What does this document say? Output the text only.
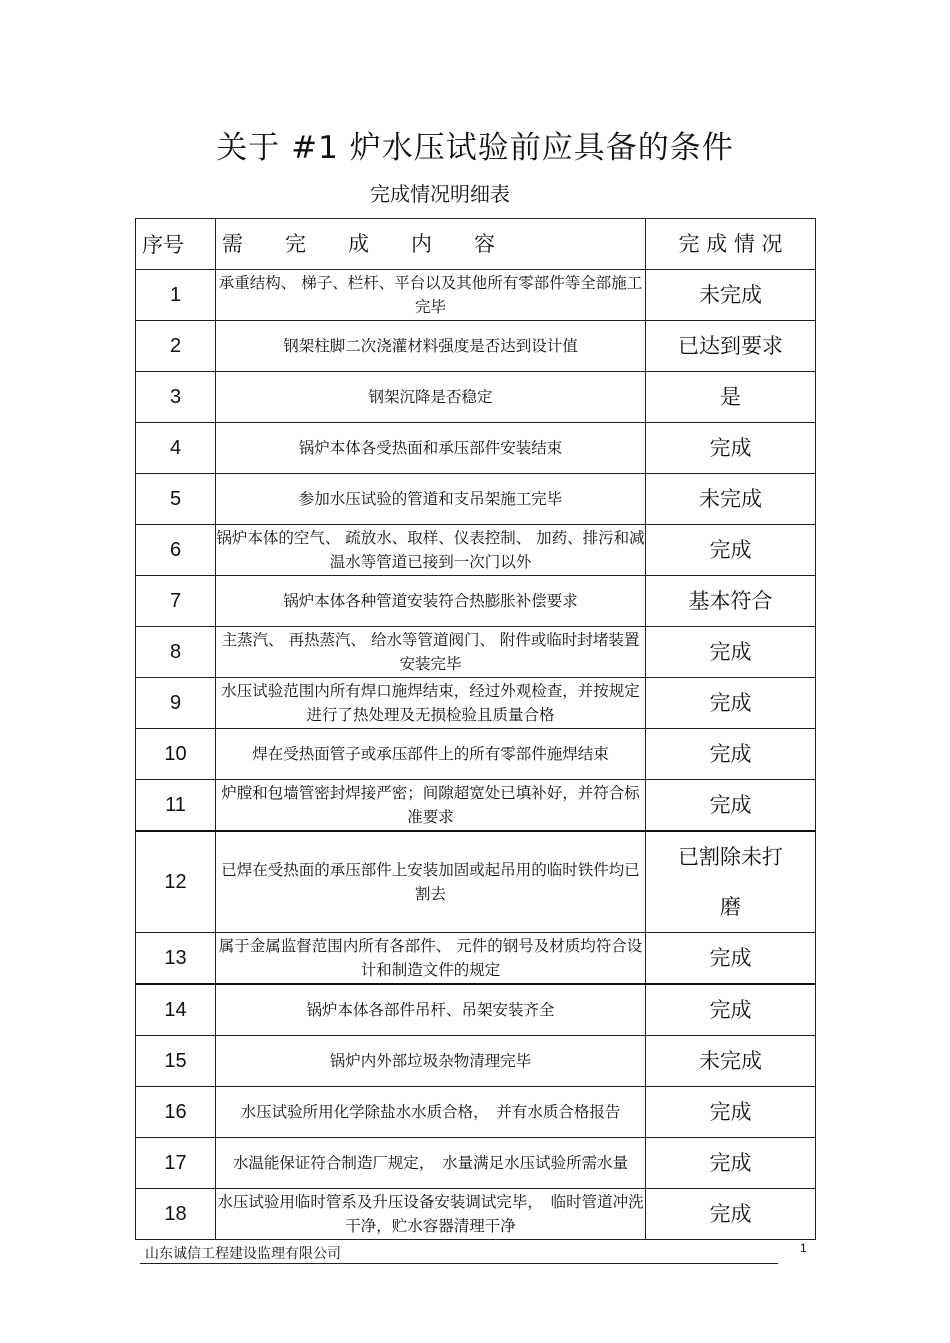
关于 #1 炉水压试验前应具备的条件
完成情况明细表
序号	需　　完　　成　　内　　容	完 成 情 况
1	承重结构、 梯子、栏杆、平台以及其他所有零部件等全部施工完毕	未完成
2	钢架柱脚二次浇灌材料强度是否达到设计值	已达到要求
3	钢架沉降是否稳定	是
4	锅炉本体各受热面和承压部件安装结束	完成
5	参加水压试验的管道和支吊架施工完毕	未完成
6	锅炉本体的空气、 疏放水、取样、仪表控制、 加药、排污和减温水等管道已接到一次门以外	完成
7	锅炉本体各种管道安装符合热膨胀补偿要求	基本符合
8	主蒸汽、 再热蒸汽、 给水等管道阀门、 附件或临时封堵装置安装完毕	完成
9	水压试验范围内所有焊口施焊结束，经过外观检查，并按规定进行了热处理及无损检验且质量合格	完成
10	焊在受热面管子或承压部件上的所有零部件施焊结束	完成
11	炉膛和包墙管密封焊接严密；间隙超宽处已填补好，并符合标准要求	完成
12	已焊在受热面的承压部件上安装加固或起吊用的临时铁件均已割去	已割除未打磨
13	属于金属监督范围内所有各部件、 元件的钢号及材质均符合设计和制造文件的规定	完成
14	锅炉本体各部件吊杆、吊架安装齐全	完成
15	锅炉内外部垃圾杂物清理完毕	未完成
16	水压试验所用化学除盐水水质合格，　并有水质合格报告	完成
17	水温能保证符合制造厂规定，　水量满足水压试验所需水量	完成
18	水压试验用临时管系及升压设备安装调试完毕，　临时管道冲洗干净，贮水容器清理干净	完成
山东诚信工程建设监理有限公司	1
